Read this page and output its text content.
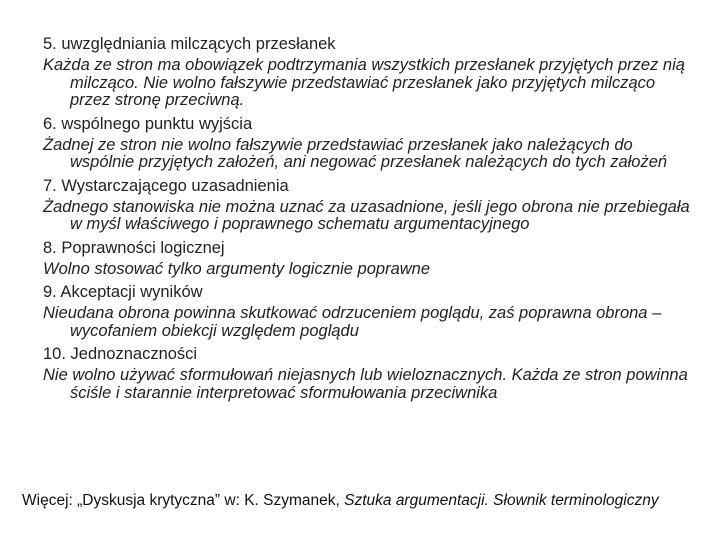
5. uwzględniania milczących przesłanek
Każda ze stron ma obowiązek podtrzymania wszystkich przesłanek przyjętych przez nią milcząco. Nie wolno fałszywie przedstawiać przesłanek jako przyjętych milcząco przez stronę przeciwną.
6. wspólnego punktu wyjścia
Żadnej ze stron nie wolno fałszywie przedstawiać przesłanek jako należących do wspólnie przyjętych założeń, ani negować przesłanek należących do tych założeń
7. Wystarczającego uzasadnienia
Żadnego stanowiska nie można uznać za uzasadnione, jeśli jego obrona nie przebiegała w myśl właściwego i poprawnego schematu argumentacyjnego
8. Poprawności logicznej
Wolno stosować tylko argumenty logicznie poprawne
9. Akceptacji wyników
Nieudana obrona powinna skutkować odrzuceniem poglądu, zaś poprawna obrona – wycofaniem obiekcji względem poglądu
10. Jednoznaczności
Nie wolno używać sformułowań niejasnych lub wieloznacznych. Każda ze stron powinna ściśle i starannie interpretować sformułowania przeciwnika
Więcej: „Dyskusja krytyczna” w: K. Szymanek, Sztuka argumentacji. Słownik terminologiczny
